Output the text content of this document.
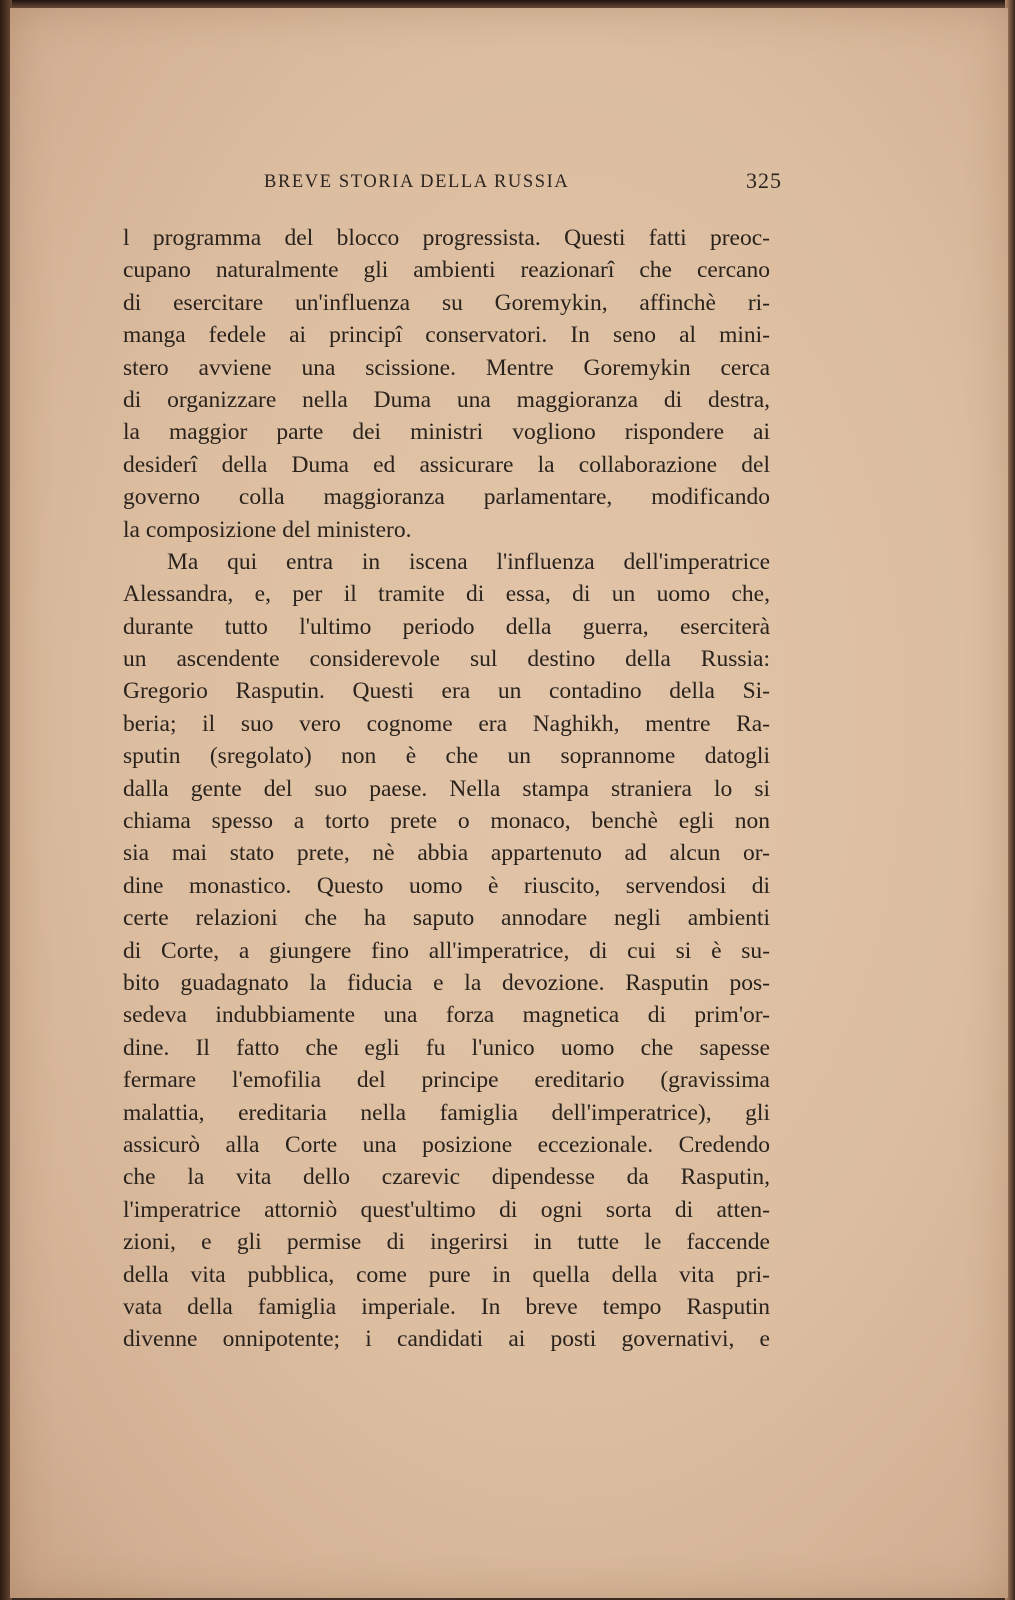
BREVE STORIA DELLA RUSSIA	325
l programma del blocco progressista. Questi fatti preoc-
cupano naturalmente gli ambienti reazionarî che cercano
di esercitare un'influenza su Goremykin, affinchè ri-
manga fedele ai principî conservatori. In seno al mini-
stero avviene una scissione. Mentre Goremykin cerca
di organizzare nella Duma una maggioranza di destra,
la maggior parte dei ministri vogliono rispondere ai
desiderî della Duma ed assicurare la collaborazione del
governo colla maggioranza parlamentare, modificando
la composizione del ministero.
Ma qui entra in iscena l'influenza dell'imperatrice
Alessandra, e, per il tramite di essa, di un uomo che,
durante tutto l'ultimo periodo della guerra, eserciterà
un ascendente considerevole sul destino della Russia:
Gregorio Rasputin. Questi era un contadino della Si-
beria; il suo vero cognome era Naghikh, mentre Ra-
sputin (sregolato) non è che un soprannome datogli
dalla gente del suo paese. Nella stampa straniera lo si
chiama spesso a torto prete o monaco, benchè egli non
sia mai stato prete, nè abbia appartenuto ad alcun or-
dine monastico. Questo uomo è riuscito, servendosi di
certe relazioni che ha saputo annodare negli ambienti
di Corte, a giungere fino all'imperatrice, di cui si è su-
bito guadagnato la fiducia e la devozione. Rasputin pos-
sedeva indubbiamente una forza magnetica di prim'or-
dine. Il fatto che egli fu l'unico uomo che sapesse
fermare l'emofilia del principe ereditario (gravissima
malattia, ereditaria nella famiglia dell'imperatrice), gli
assicurò alla Corte una posizione eccezionale. Credendo
che la vita dello czarevic dipendesse da Rasputin,
l'imperatrice attorniò quest'ultimo di ogni sorta di atten-
zioni, e gli permise di ingerirsi in tutte le faccende
della vita pubblica, come pure in quella della vita pri-
vata della famiglia imperiale. In breve tempo Rasputin
divenne onnipotente; i candidati ai posti governativi, e
